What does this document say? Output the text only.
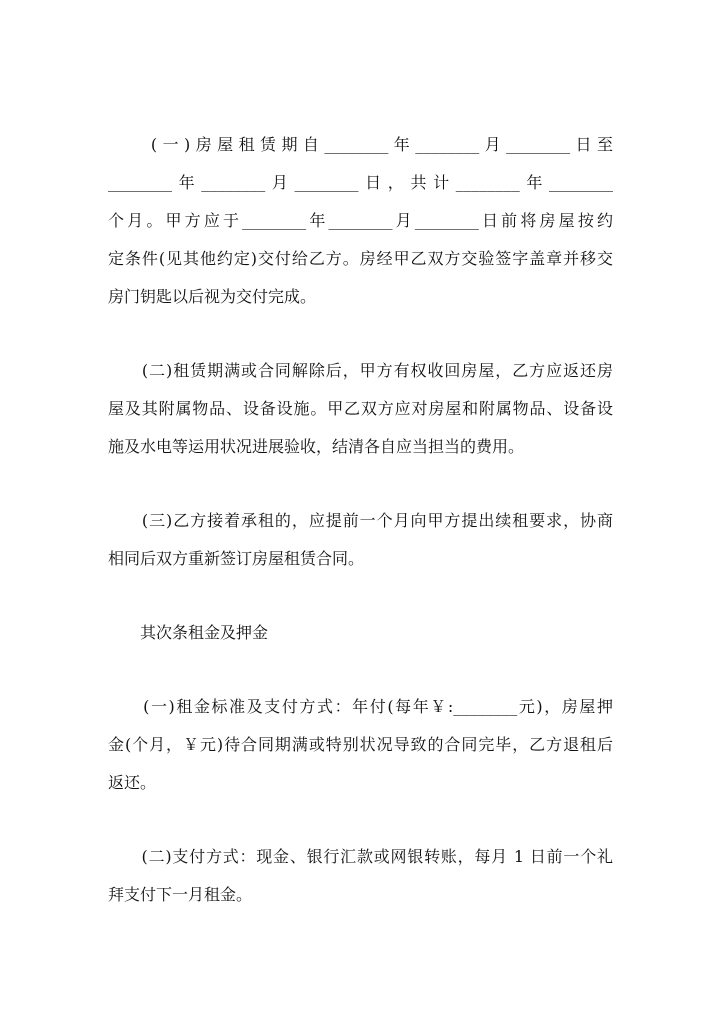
　　(一)房屋租赁期自________年________月________日至
________年________月________日，共计________年________
个月。甲方应于________年________月________日前将房屋按约
定条件(见其他约定)交付给乙方。房经甲乙双方交验签字盖章并移交
房门钥匙以后视为交付完成。
　　(二)租赁期满或合同解除后，甲方有权收回房屋，乙方应返还房
屋及其附属物品、设备设施。甲乙双方应对房屋和附属物品、设备设
施及水电等运用状况进展验收，结清各自应当担当的费用。
　　(三)乙方接着承租的，应提前一个月向甲方提出续租要求，协商
相同后双方重新签订房屋租赁合同。
　　其次条租金及押金
　　(一)租金标准及支付方式：年付(每年￥:________元)，房屋押
金(个月，￥元)待合同期满或特别状况导致的合同完毕，乙方退租后
返还。
　　(二)支付方式：现金、银行汇款或网银转账，每月 1 日前一个礼
拜支付下一月租金。
